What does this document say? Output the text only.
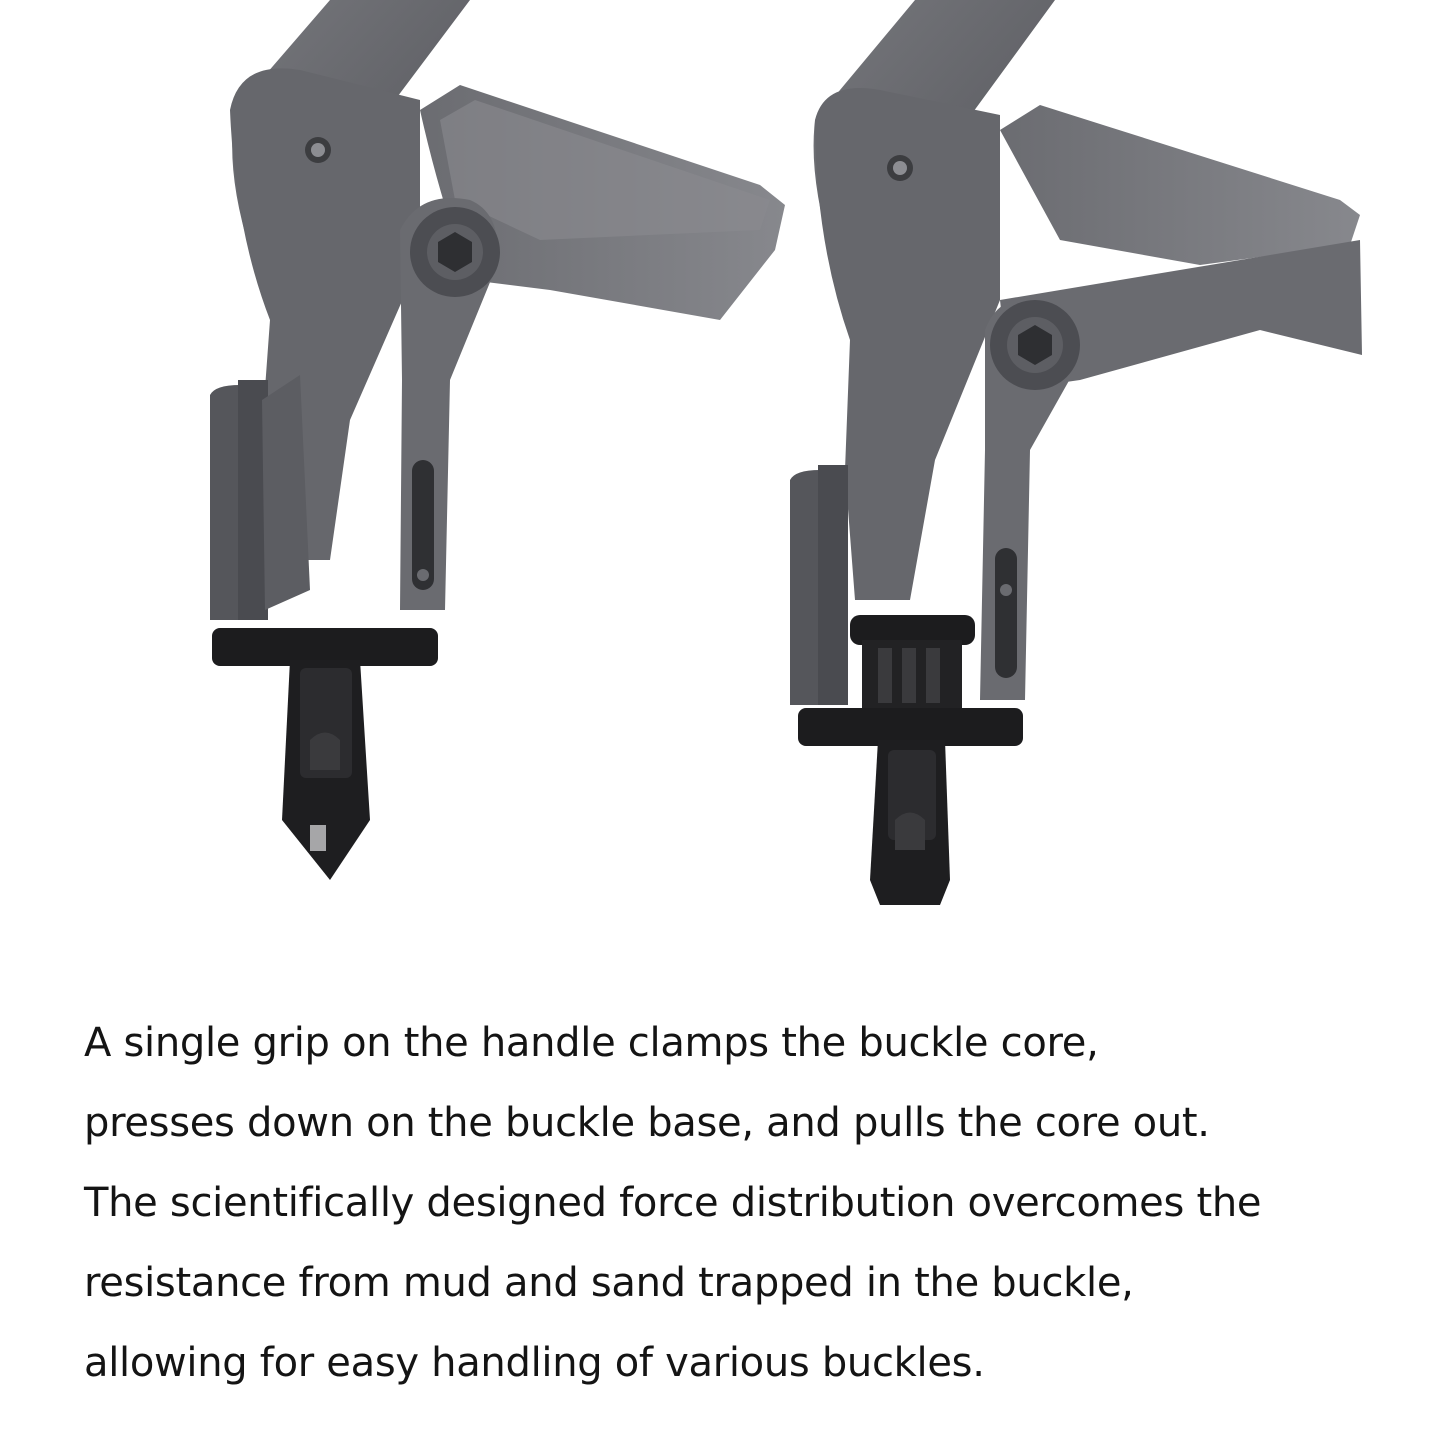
A single grip on the handle clamps the buckle core,
presses down on the buckle base, and pulls the core out.
The scientifically designed force distribution overcomes the
resistance from mud and sand trapped in the buckle,
allowing for easy handling of various buckles.
